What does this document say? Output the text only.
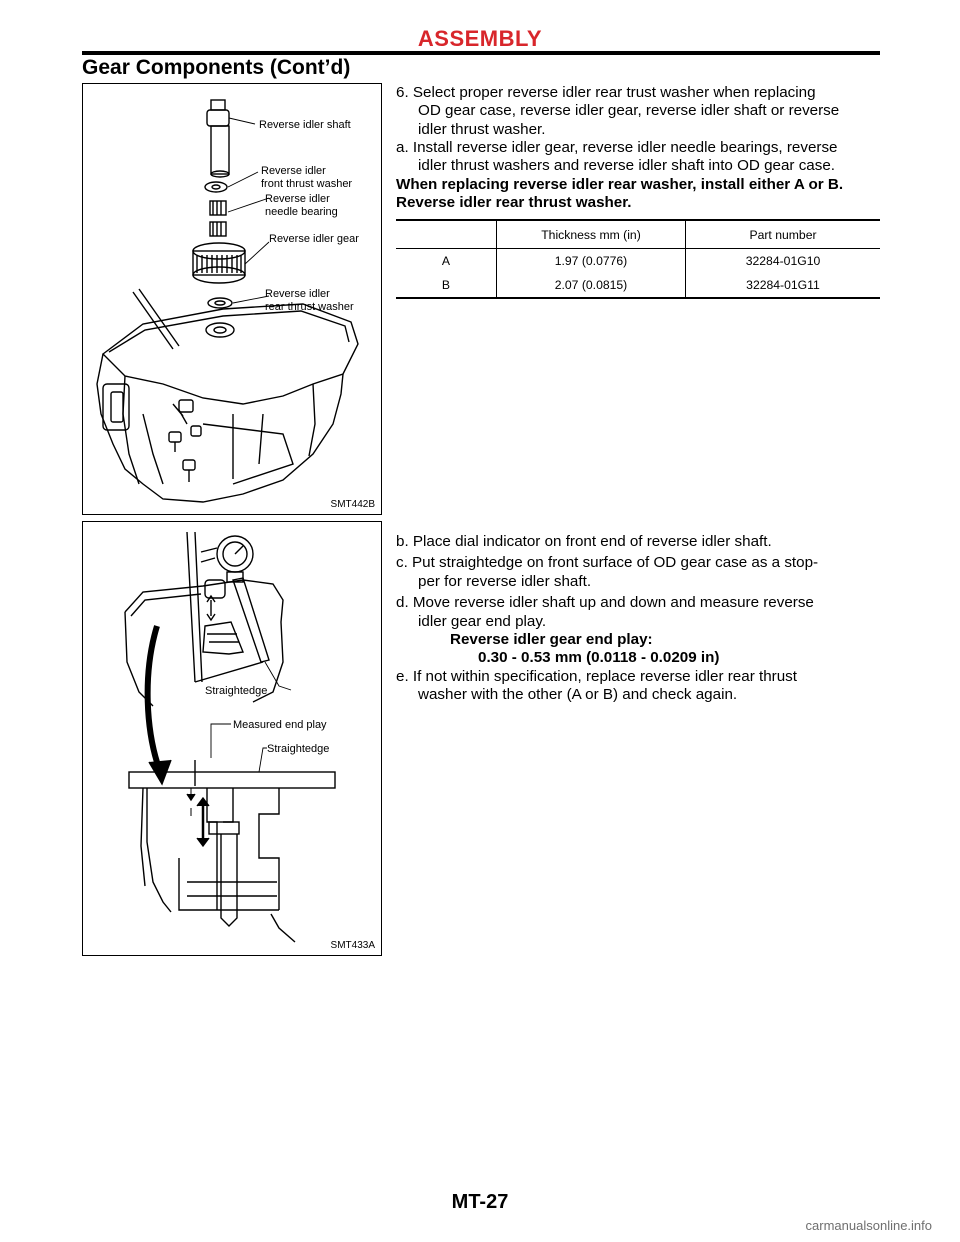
ASSEMBLY
Gear Components (Cont’d)
Reverse idler shaft
Reverse idler
front thrust washer
Reverse idler
needle bearing
Reverse idler gear
Reverse idler
rear thrust washer
SMT442B
6. Select proper reverse idler rear trust washer when replacing
OD gear case, reverse idler gear, reverse idler shaft or reverse
idler thrust washer.
a. Install reverse idler gear, reverse idler needle bearings, reverse
idler thrust washers and reverse idler shaft into OD gear case.
When replacing reverse idler rear washer, install either A or B.
Reverse idler rear thrust washer.
	Thickness mm (in)	Part number
A	1.97 (0.0776)	32284-01G10
B	2.07 (0.0815)	32284-01G11
Straightedge
Measured end play
Straightedge
SMT433A
b. Place dial indicator on front end of reverse idler shaft.
c. Put straightedge on front surface of OD gear case as a stop-
per for reverse idler shaft.
d. Move reverse idler shaft up and down and measure reverse
idler gear end play.
Reverse idler gear end play:
0.30 - 0.53 mm (0.0118 - 0.0209 in)
e. If not within specification, replace reverse idler rear thrust
washer with the other (A or B) and check again.
MT-27
carmanualsonline.info
